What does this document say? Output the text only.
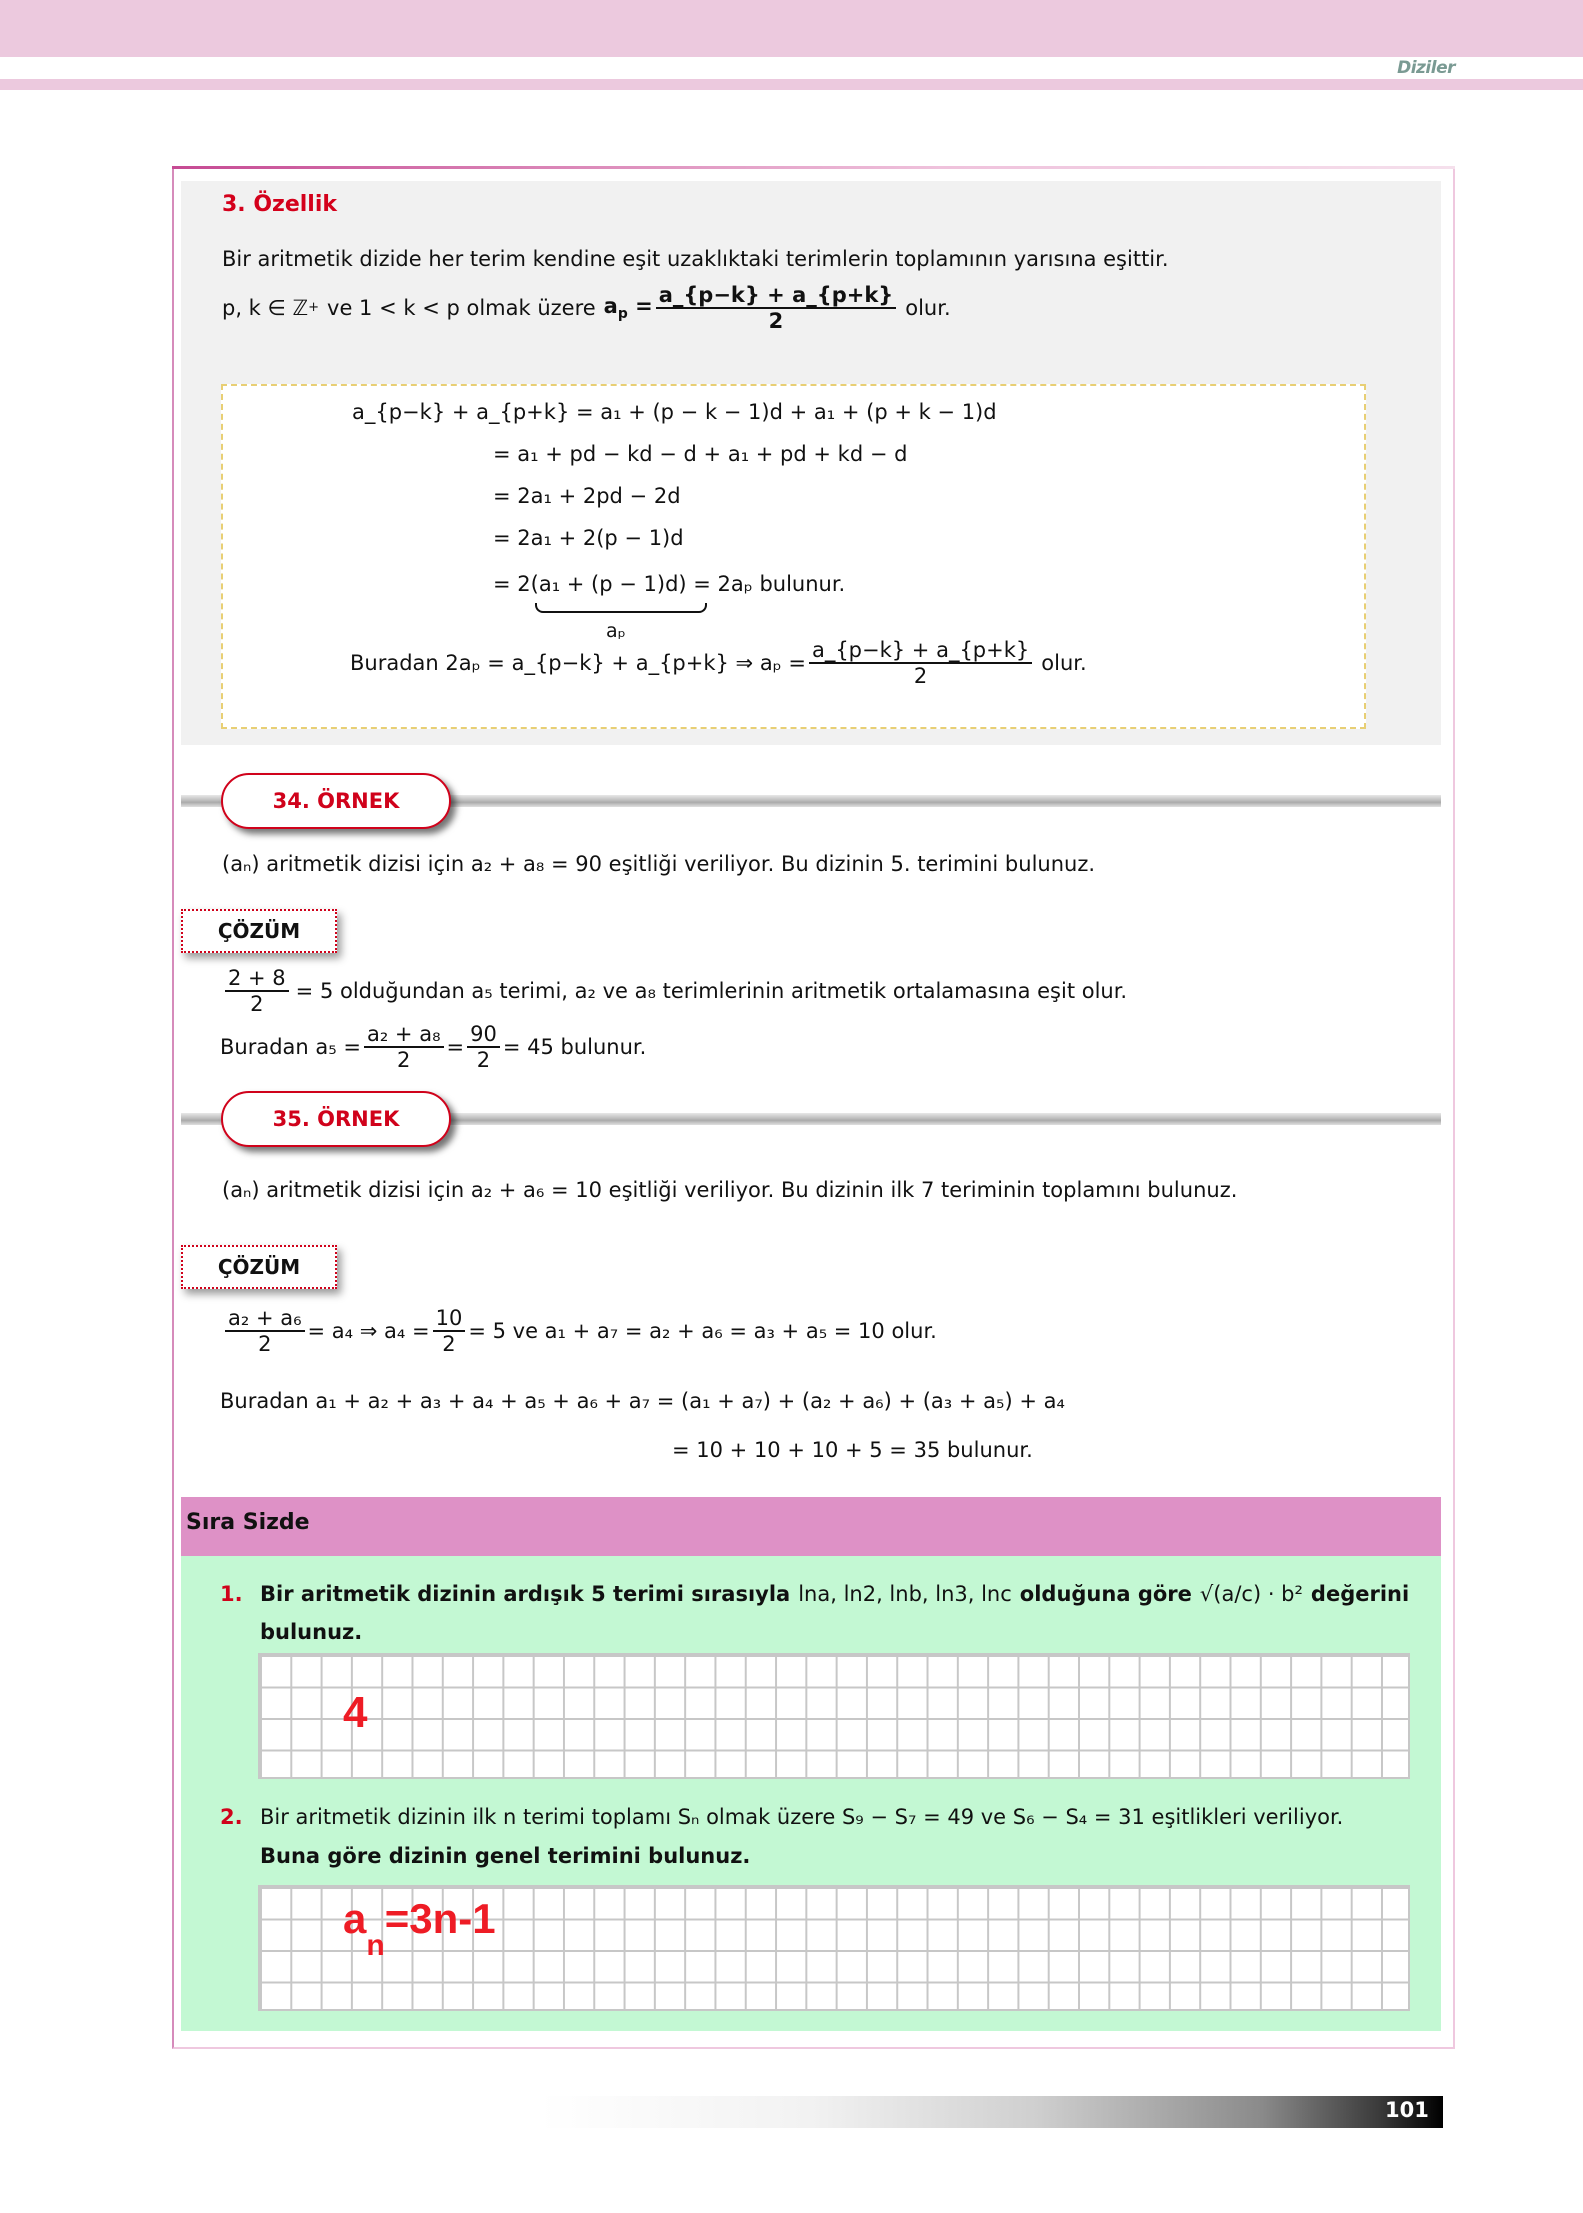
Diziler
3. Özellik
Bir aritmetik dizide her terim kendine eşit uzaklıktaki terimlerin toplamının yarısına eşittir.
p, k ∈ ℤ + ve 1 < k < p olmak üzere $a_p = \frac{a\_\{p-k\} + a\_\{p+k\}}{2}$ olur.
a_{p−k} + a_{p+k} = a₁ + (p − k − 1)d + a₁ + (p + k − 1)d
= a₁ + pd − kd − d + a₁ + pd + kd − d
= 2a₁ + 2pd − 2d
= 2a₁ + 2(p − 1)d
= 2(a₁ + (p − 1)d) = 2aₚ bulunur.
aₚ
Buradan 2aₚ = a_{p−k} + a_{p+k} ⇒ $a_p = \frac{a\_\{p-k\} + a\_\{p+k\}}{2}$ olur.
34. ÖRNEK
(aₙ) aritmetik dizisi için a₂ + a₈ = 90 eşitliği veriliyor. Bu dizinin 5. terimini bulunuz.
ÇÖZÜM
$\frac{2 + 8}{2} = 5$ olduğundan a₅ terimi, a₂ ve a₈ terimlerinin aritmetik ortalamasına eşit olur.
Buradan $a_5 = \frac{\text{a₂ + a₈}}{2} = \frac{90}{2} = 45$ bulunur.
35. ÖRNEK
(aₙ) aritmetik dizisi için a₂ + a₆ = 10 eşitliği veriliyor. Bu dizinin ilk 7 teriminin toplamını bulunuz.
ÇÖZÜM
$\frac{\text{a₂ + a₆}}{2} = a_4$ ⇒ $a_4 = \frac{10}{2} = 5$ ve a₁ + a₇ = a₂ + a₆ = a₃ + a₅ = 10 olur.
Buradan a₁ + a₂ + a₃ + a₄ + a₅ + a₆ + a₇ = (a₁ + a₇) + (a₂ + a₆) + (a₃ + a₅) + a₄
= 10 + 10 + 10 + 5 = 35 bulunur.
Sıra Sizde
1. Bir aritmetik dizinin ardışık 5 terimi sırasıyla lna, ln2, lnb, ln3, lnc olduğuna göre √(a/c) · b² değerini
bulunuz.
4
2. Bir aritmetik dizinin ilk n terimi toplamı Sₙ olmak üzere S₉ − S₇ = 49 ve S₆ − S₄ = 31 eşitlikleri veriliyor.
Buna göre dizinin genel terimini bulunuz.
$a_n=3n-1$
101
